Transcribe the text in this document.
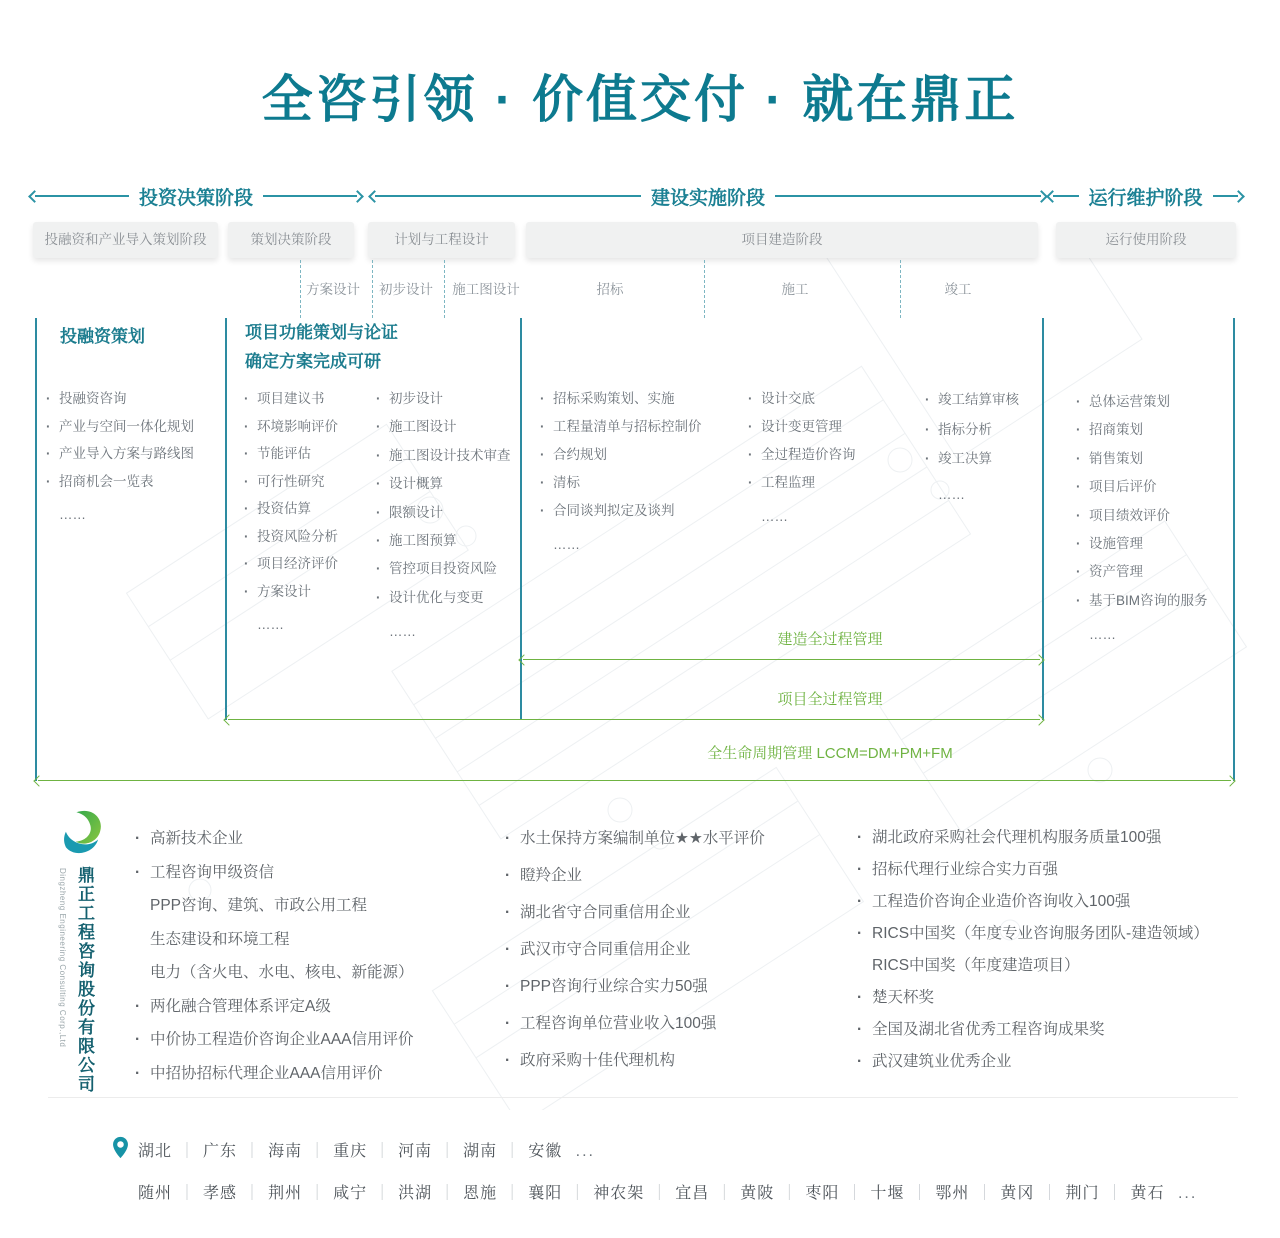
全咨引领 · 价值交付 · 就在鼎正
投资决策阶段	建设实施阶段	运行维护阶段
投融资和产业导入策划阶段	策划决策阶段	计划与工程设计	项目建造阶段	运行使用阶段
方案设计 初步设计 施工图设计	招标	施工	竣工
投融资策划	项目功能策划与论证
确定方案完成可研
· 投融资咨询
· 产业与空间一体化规划
· 产业导入方案与路线图
· 招商机会一览表
……
· 项目建议书
· 环境影响评价
· 节能评估
· 可行性研究
· 投资估算
· 投资风险分析
· 项目经济评价
· 方案设计
……
· 初步设计
· 施工图设计
· 施工图设计技术审查
· 设计概算
· 限额设计
· 施工图预算
· 管控项目投资风险
· 设计优化与变更
……
· 招标采购策划、实施
· 工程量清单与招标控制价
· 合约规划
· 清标
· 合同谈判拟定及谈判
……
· 设计交底
· 设计变更管理
· 全过程造价咨询
· 工程监理
……
· 竣工结算审核
· 指标分析
· 竣工决算
……
· 总体运营策划
· 招商策划
· 销售策划
· 项目后评价
· 项目绩效评价
· 设施管理
· 资产管理
· 基于BIM咨询的服务
……
建造全过程管理
项目全过程管理
全生命周期管理 LCCM=DM+PM+FM
鼎正工程咨询股份有限公司
Dingzheng Engineering Consulting Corp.,Ltd
· 高新技术企业
· 工程咨询甲级资信
PPP咨询、建筑、市政公用工程
生态建设和环境工程
电力（含火电、水电、核电、新能源）
· 两化融合管理体系评定A级
· 中价协工程造价咨询企业AAA信用评价
· 中招协招标代理企业AAA信用评价
· 水土保持方案编制单位★★水平评价
· 瞪羚企业
· 湖北省守合同重信用企业
· 武汉市守合同重信用企业
· PPP咨询行业综合实力50强
· 工程咨询单位营业收入100强
· 政府采购十佳代理机构
· 湖北政府采购社会代理机构服务质量100强
· 招标代理行业综合实力百强
· 工程造价咨询企业造价咨询收入100强
· RICS中国奖（年度专业咨询服务团队-建造领域）
RICS中国奖（年度建造项目）
· 楚天杯奖
· 全国及湖北省优秀工程咨询成果奖
· 武汉建筑业优秀企业
湖北 ｜ 广东 ｜ 海南 ｜ 重庆 ｜ 河南 ｜ 湖南 ｜ 安徽 ...
随州 ｜ 孝感 ｜ 荆州 ｜ 咸宁 ｜ 洪湖 ｜ 恩施 ｜ 襄阳 ｜ 神农架 ｜ 宜昌 ｜ 黄陂 ｜ 枣阳 ｜ 十堰 ｜ 鄂州 ｜ 黄冈 ｜ 荆门 ｜ 黄石 ...
